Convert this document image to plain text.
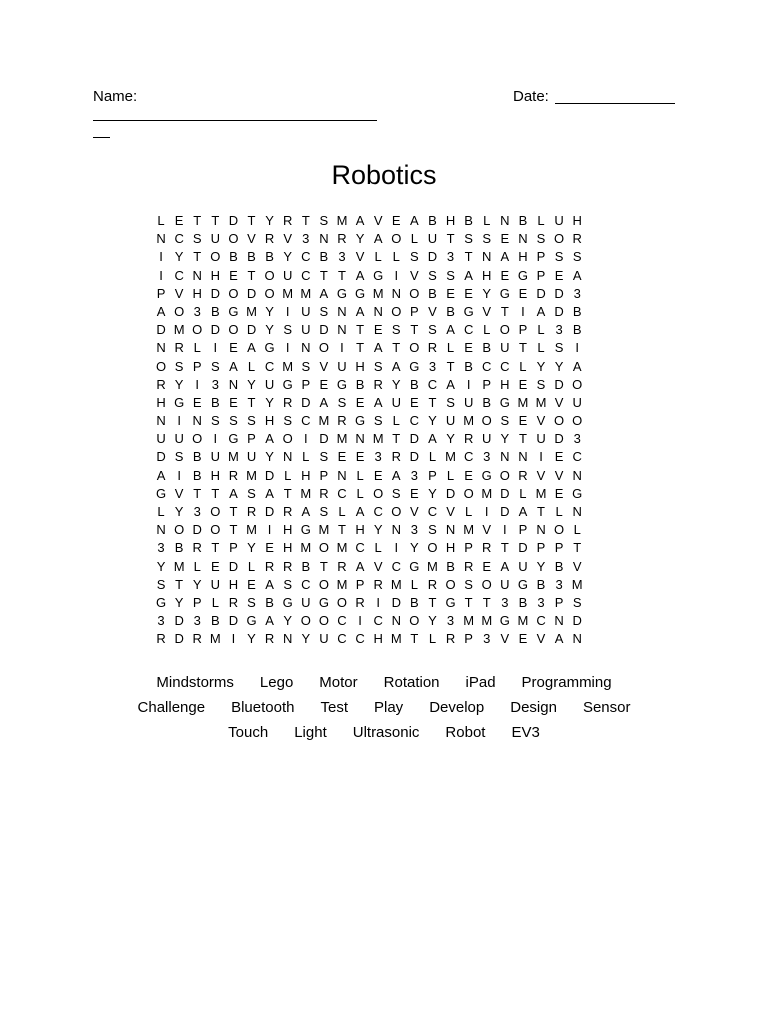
Name:	Date:
Robotics
L E T T D T Y R T S M A V E A B H B L N B L U H
N C S U O V R V 3 N R Y A O L U T S S E N S O R
I Y T O B B B Y C B 3 V L L S D 3 T N A H P S S
I C N H E T O U C T T A G I V S S A H E G P E A
P V H D O D O M M A G G M N O B E E Y G E D D 3
A O 3 B G M Y I U S N A N O P V B G V T I A D B
D M O D O D Y S U D N T E S T S A C L O P L 3 B
N R L I E A G I N O I T A T O R L E B U T L S I
O S P S A L C M S V U H S A G 3 T B C C L Y Y A
R Y I 3 N Y U G P E G B R Y B C A I P H E S D O
H G E B E T Y R D A S E A U E T S U B G M M V U
N I N S S S H S C M R G S L C Y U M O S E V O O
U U O I G P A O I D M N M T D A Y R U Y T U D 3
D S B U M U Y N L S E E 3 R D L M C 3 N N I E C
A I B H R M D L H P N L E A 3 P L E G O R V V N
G V T T A S A T M R C L O S E Y D O M D L M E G
L Y 3 O T R D R A S L A C O V C V L I D A T L N
N O D O T M I H G M T H Y N 3 S N M V I P N O L
3 B R T P Y E H M O M C L I Y O H P R T D P P T
Y M L E D L R R B T R A V C G M B R E A U Y B V
S T Y U H E A S C O M P R M L R O S O U G B 3 M
G Y P L R S B G U G O R I D B T G T T 3 B 3 P S
3 D 3 B D G A Y O O C I C N O Y 3 M M G M C N D
R D R M I Y R N Y U C C H M T L R P 3 V E V A N
Mindstorms Lego Motor Rotation iPad Programming
Challenge Bluetooth Test Play Develop Design Sensor
Touch Light Ultrasonic Robot EV3
